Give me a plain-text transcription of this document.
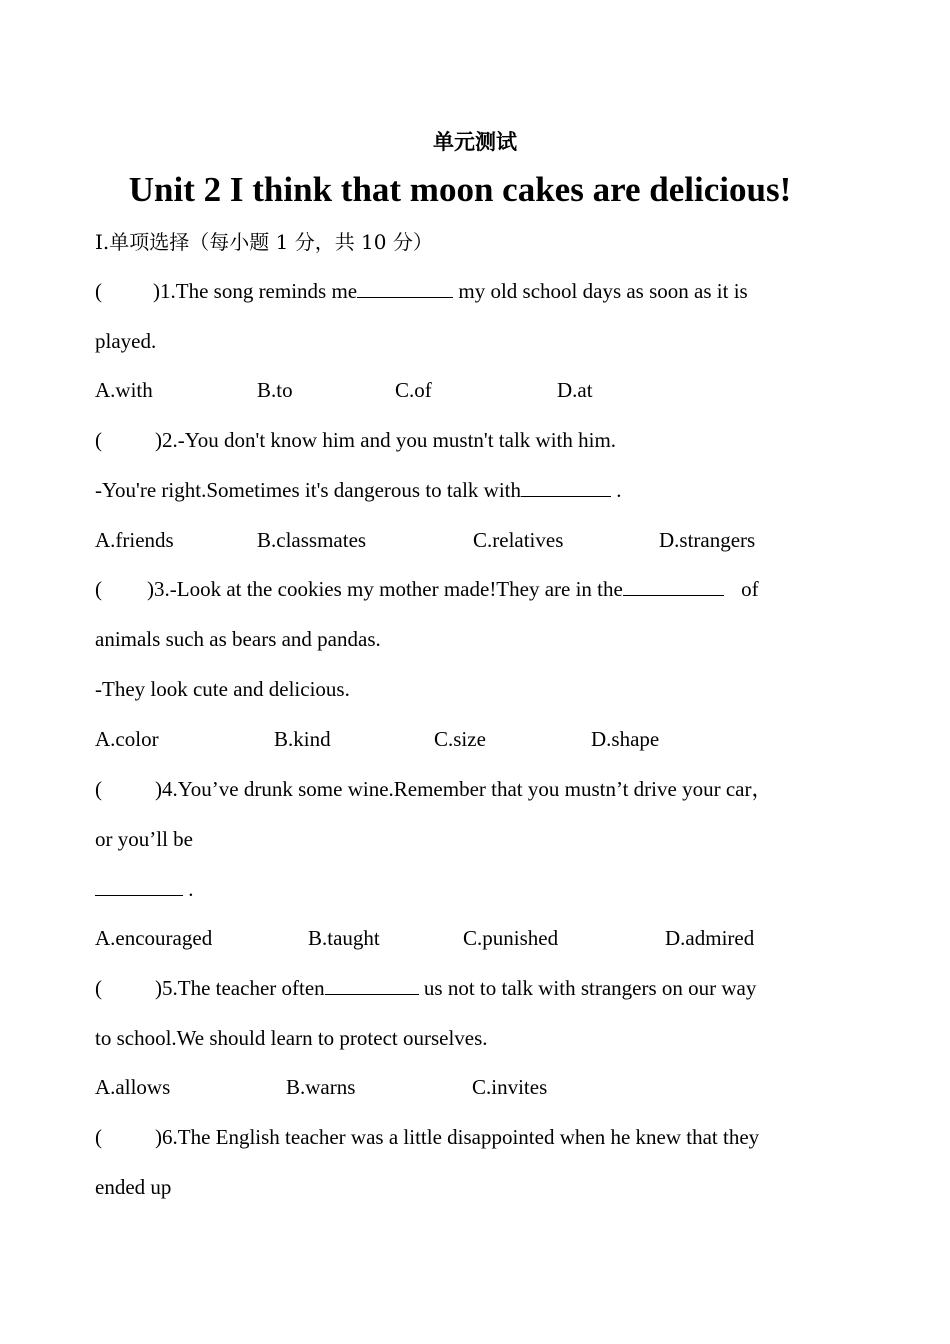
单元测试
Unit 2 I think that moon cakes are delicious!
I.单项选择（每小题 1 分，共 10 分）
( )1.The song reminds me	my old school days as soon as it is
played.
A.with	B.to	C.of	D.at
(	)2.-You don't know him and you mustn't talk with him.
-You're right.Sometimes it's dangerous to talk with	.
A.friends	B.classmates	C.relatives	D.strangers
( )3.-Look at the cookies my mother made!They are in the	of
animals such as bears and pandas.
-They look cute and delicious.
A.color	B.kind	C.size	D.shape
(	)4.You’ve drunk some wine.Remember that you mustn’t drive your car，
or you’ll be
.
A.encouraged	B.taught	C.punished	D.admired
(	)5.The teacher often	us not to talk with strangers on our way
to school.We should learn to protect ourselves.
A.allows	B.warns	C.invites
(	)6.The English teacher was a little disappointed when he knew that they
ended up
